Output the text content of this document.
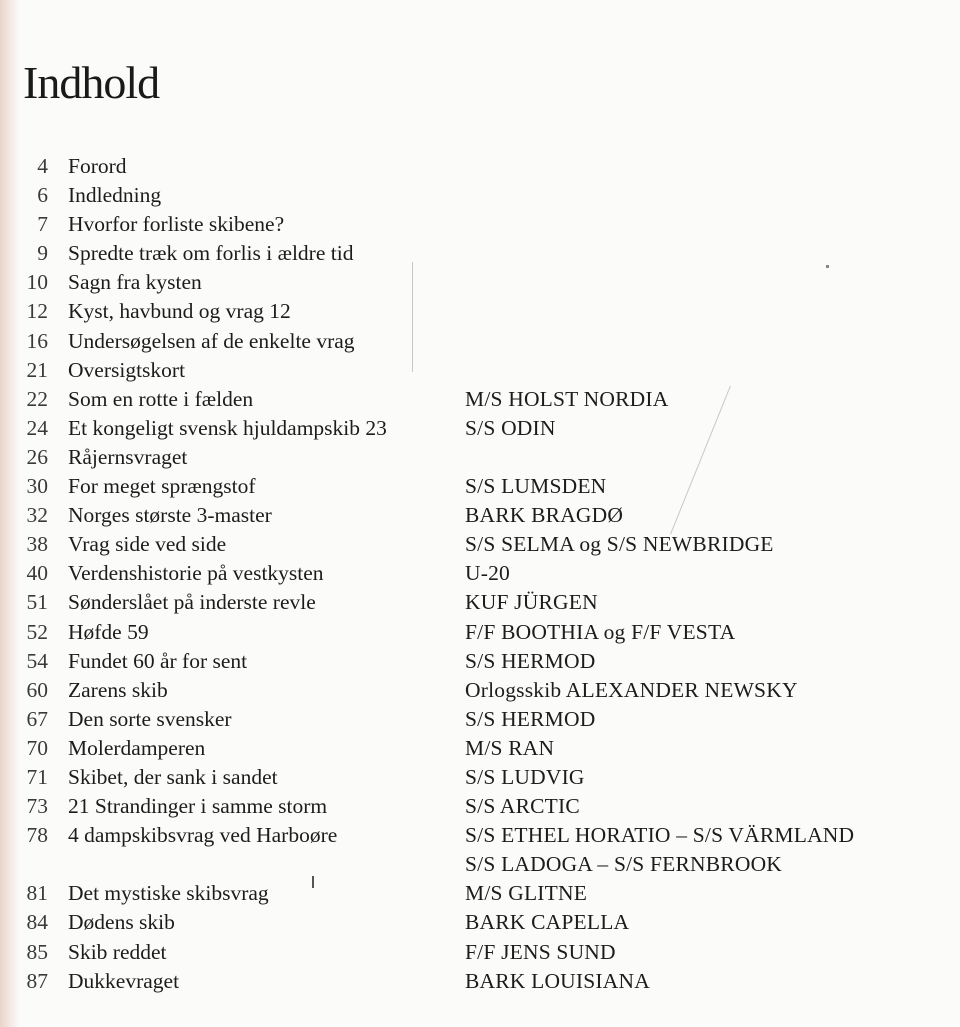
Indhold
4 Forord
6 Indledning
7 Hvorfor forliste skibene?
9 Spredte træk om forlis i ældre tid
10 Sagn fra kysten
12 Kyst, havbund og vrag 12
16 Undersøgelsen af de enkelte vrag
21 Oversigtskort
22 Som en rotte i fælden	M/S HOLST NORDIA
24 Et kongeligt svensk hjuldampskib 23	S/S ODIN
26 Råjernsvraget
30 For meget sprængstof	S/S LUMSDEN
32 Norges største 3-master	BARK BRAGDØ
38 Vrag side ved side	S/S SELMA og S/S NEWBRIDGE
40 Verdenshistorie på vestkysten	U-20
51 Sønderslået på inderste revle	KUF JÜRGEN
52 Høfde 59	F/F BOOTHIA og F/F VESTA
54 Fundet 60 år for sent	S/S HERMOD
60 Zarens skib	Orlogsskib ALEXANDER NEWSKY
67 Den sorte svensker	S/S HERMOD
70 Molerdamperen	M/S RAN
71 Skibet, der sank i sandet	S/S LUDVIG
73 21 Strandinger i samme storm	S/S ARCTIC
78 4 dampskibsvrag ved Harboøre	S/S ETHEL HORATIO – S/S VÄRMLAND
S/S LADOGA – S/S FERNBROOK
81 Det mystiske skibsvrag	M/S GLITNE
84 Dødens skib	BARK CAPELLA
85 Skib reddet	F/F JENS SUND
87 Dukkevraget	BARK LOUISIANA
